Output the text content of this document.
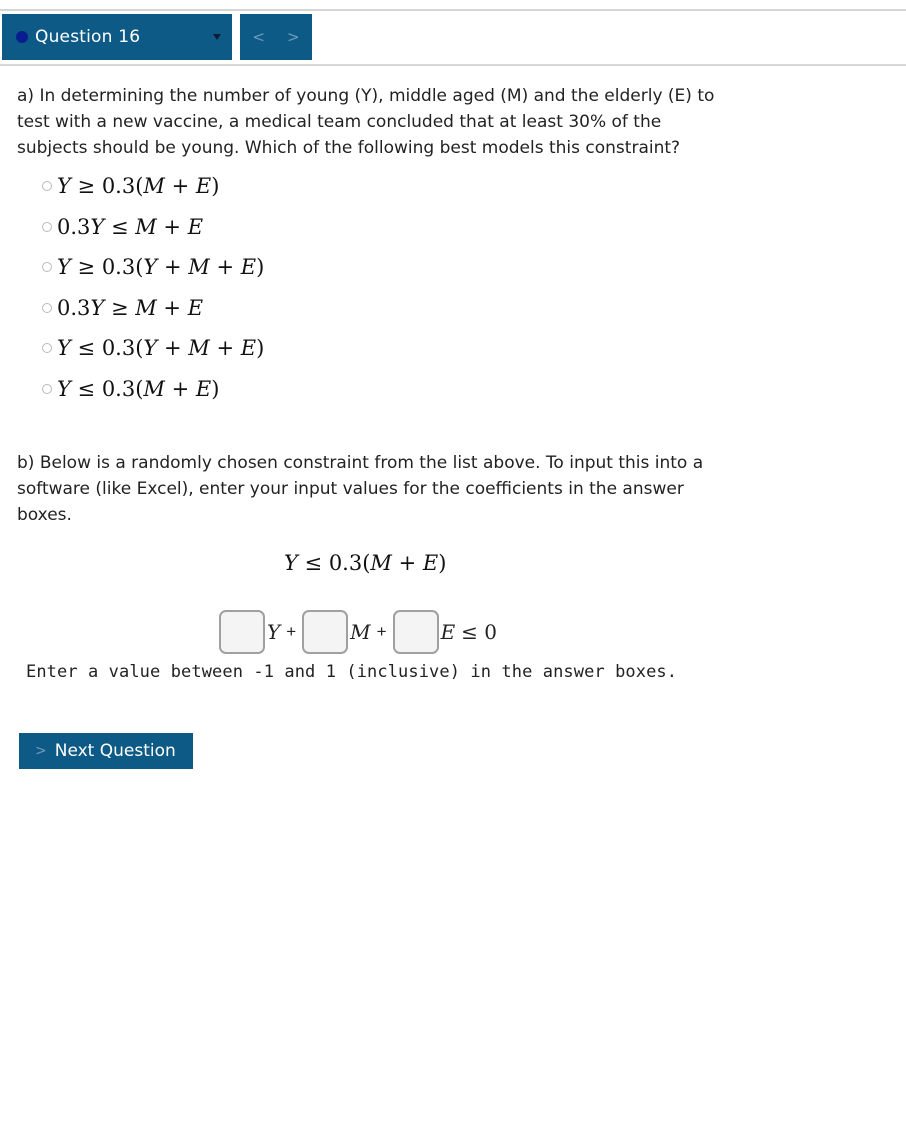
Question 16	< >
a) In determining the number of young (Y), middle aged (M) and the elderly (E) to test with a new vaccine, a medical team concluded that at least 30% of the subjects should be young. Which of the following best models this constraint?
Y ≥ 0.3(M + E)
0.3Y ≤ M + E
Y ≥ 0.3(Y + M + E)
0.3Y ≥ M + E
Y ≤ 0.3(Y + M + E)
Y ≤ 0.3(M + E)
b) Below is a randomly chosen constraint from the list above. To input this into a software (like Excel), enter your input values for the coefficients in the answer boxes.
Y ≤ 0.3(M + E)
Y +	M +	E ≤ 0
Enter a value between -1 and 1 (inclusive) in the answer boxes.
> Next Question
